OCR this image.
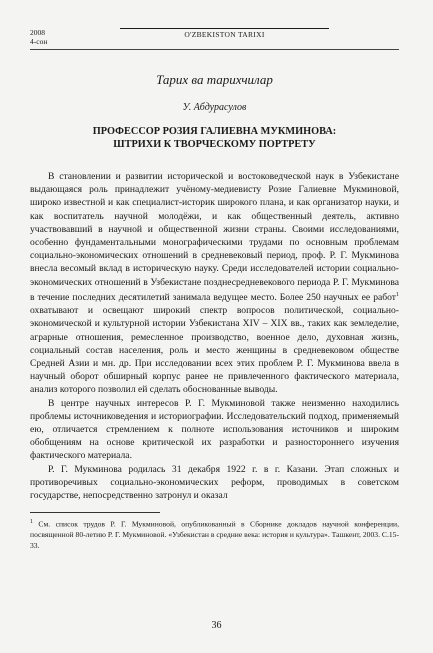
2008
4-сон
O'ZBEKISTON TARIXI
Тарих ва тарихчилар
У. Абдурасулов
ПРОФЕССОР РОЗИЯ ГАЛИЕВНА МУКМИНОВА:
ШТРИХИ К ТВОРЧЕСКОМУ ПОРТРЕТУ

В становлении и развитии исторической и востоковедческой наук в Узбекистане выдающаяся роль принадлежит учёному-медиевисту Розие Галиевне Мукминовой, широко известной и как специалист-историк широкого плана, и как организатор науки, и как воспитатель научной молодёжи, и как общественный деятель, активно участвовавший в научной и общественной жизни страны. Своими исследованиями, особенно фундаментальными монографическими трудами по основным проблемам социально-экономических отношений в средневековый период, проф. Р. Г. Мукминова внесла весомый вклад в историческую науку. Среди исследователей истории социально-экономических отношений в Узбекистане позднесредневекового периода Р. Г. Мукминова в течение последних десятилетий занимала ведущее место. Более 250 научных ее работ$^1$ охватывают и освещают широкий спектр вопросов политической, социально-экономической и культурной истории Узбекистана XIV – XIX вв., таких как земледелие, аграрные отношения, ремесленное производство, военное дело, духовная жизнь, социальный состав населения, роль и место женщины в средневековом обществе Средней Азии и мн. др. При исследовании всех этих проблем Р. Г. Мукминова ввела в научный оборот обширный корпус ранее не привлеченного фактического материала, анализ которого позволил ей сделать обоснованные выводы.

В центре научных интересов Р. Г. Мукминовой также неизменно находились проблемы источниковедения и историографии. Исследовательский подход, применяемый ею, отличается стремлением к полноте использования источников и широким обобщениям на основе критической их разработки и разностороннего изучения фактического материала.

Р. Г. Мукминова родилась 31 декабря 1922 г. в г. Казани. Этап сложных и противоречивых социально-экономических реформ, проводимых в советском государстве, непосредственно затронул и оказал

$^1$ См. список трудов Р. Г. Мукминовой, опубликованный в Сборнике докладов научной конференции, посвященной 80-летию Р. Г. Мукминовой. «Узбекистан в средние века: история и культура». Ташкент, 2003. С.15-33.
36
